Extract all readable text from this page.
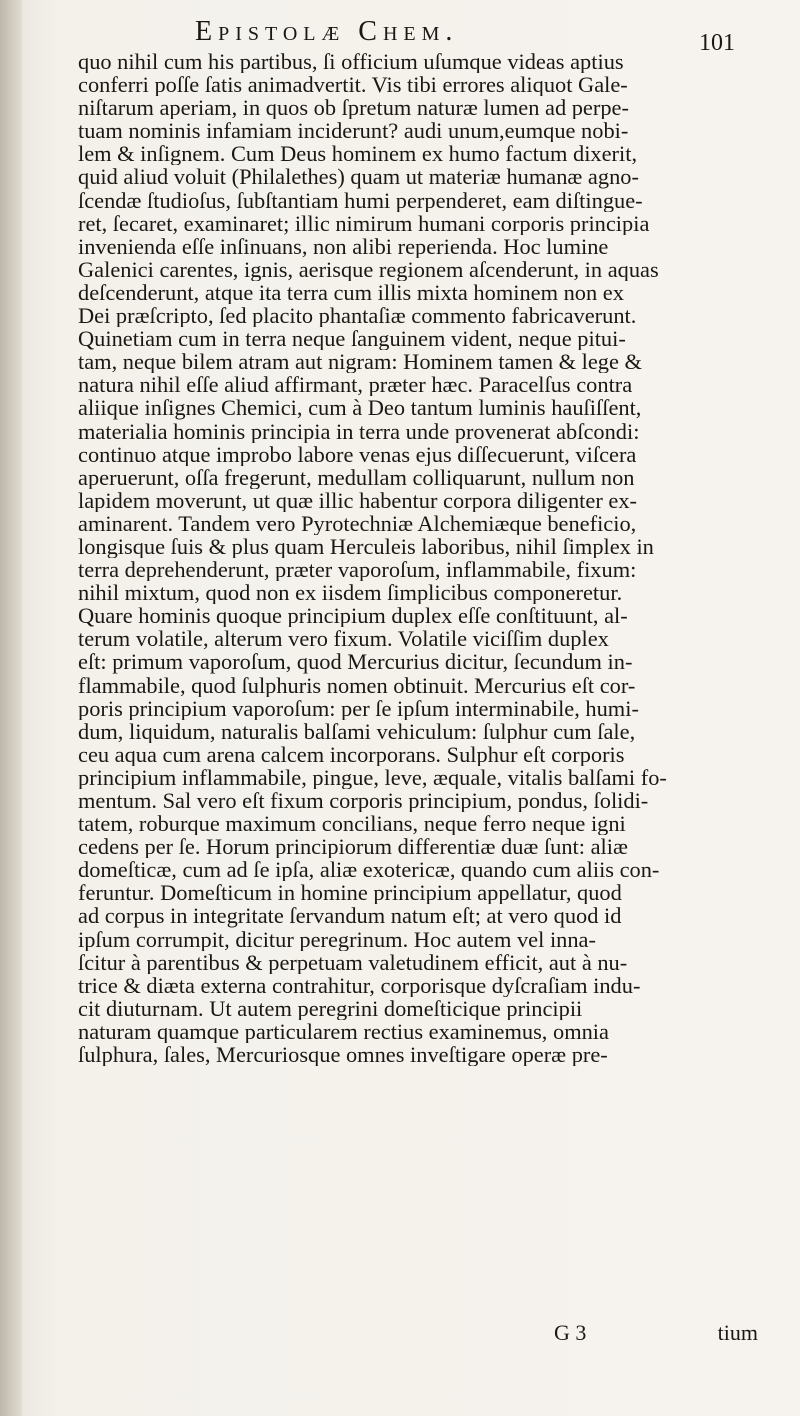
Epistolæ Chem.	101
quo nihil cum his partibus, ſi officium uſumque videas aptius
conferri poſſe ſatis animadvertit. Vis tibi errores aliquot Gale-
niſtarum aperiam, in quos ob ſpretum naturæ lumen ad perpe-
tuam nominis infamiam inciderunt? audi unum,eumque nobi-
lem & inſignem. Cum Deus hominem ex humo factum dixerit,
quid aliud voluit (Philalethes) quam ut materiæ humanæ agno-
ſcendæ ſtudioſus, ſubſtantiam humi perpenderet, eam diſtingue-
ret, ſecaret, examinaret; illic nimirum humani corporis principia
invenienda eſſe inſinuans, non alibi reperienda. Hoc lumine
Galenici carentes, ignis, aerisque regionem aſcenderunt, in aquas
deſcenderunt, atque ita terra cum illis mixta hominem non ex
Dei præſcripto, ſed placito phantaſiæ commento fabricaverunt.
Quinetiam cum in terra neque ſanguinem vident, neque pitui-
tam, neque bilem atram aut nigram: Hominem tamen & lege &
natura nihil eſſe aliud affirmant, præter hæc. Paracelſus contra
aliique inſignes Chemici, cum à Deo tantum luminis hauſiſſent,
materialia hominis principia in terra unde provenerat abſcondi:
continuo atque improbo labore venas ejus diſſecuerunt, viſcera
aperuerunt, oſſa fregerunt, medullam colliquarunt, nullum non
lapidem moverunt, ut quæ illic habentur corpora diligenter ex-
aminarent. Tandem vero Pyrotechniæ Alchemiæque beneficio,
longisque ſuis & plus quam Herculeis laboribus, nihil ſimplex in
terra deprehenderunt, præter vaporoſum, inflammabile, fixum:
nihil mixtum, quod non ex iisdem ſimplicibus componeretur.
Quare hominis quoque principium duplex eſſe conſtituunt, al-
terum volatile, alterum vero fixum. Volatile viciſſim duplex
eſt: primum vaporoſum, quod Mercurius dicitur, ſecundum in-
flammabile, quod ſulphuris nomen obtinuit. Mercurius eſt cor-
poris principium vaporoſum: per ſe ipſum interminabile, humi-
dum, liquidum, naturalis balſami vehiculum: ſulphur cum ſale,
ceu aqua cum arena calcem incorporans. Sulphur eſt corporis
principium inflammabile, pingue, leve, æquale, vitalis balſami fo-
mentum. Sal vero eſt fixum corporis principium, pondus, ſolidi-
tatem, roburque maximum concilians, neque ferro neque igni
cedens per ſe. Horum principiorum differentiæ duæ ſunt: aliæ
domeſticæ, cum ad ſe ipſa, aliæ exotericæ, quando cum aliis con-
feruntur. Domeſticum in homine principium appellatur, quod
ad corpus in integritate ſervandum natum eſt; at vero quod id
ipſum corrumpit, dicitur peregrinum. Hoc autem vel inna-
ſcitur à parentibus & perpetuam valetudinem efficit, aut à nu-
trice & diæta externa contrahitur, corporisque dyſcraſiam indu-
cit diuturnam. Ut autem peregrini domeſticique principii
naturam quamque particularem rectius examinemus, omnia
ſulphura, ſales, Mercuriosque omnes inveſtigare operæ pre-
G 3	tium
